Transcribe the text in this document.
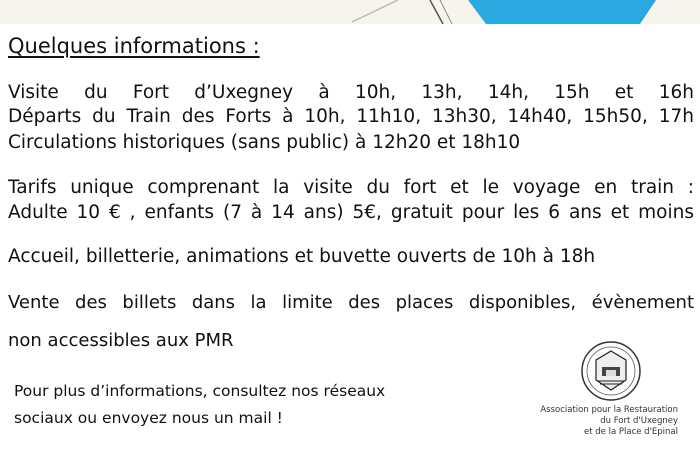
Quelques informations :
Visite du Fort d’Uxegney à 10h, 13h, 14h, 15h et 16h
Départs du Train des Forts à 10h, 11h10, 13h30, 14h40, 15h50, 17h
Circulations historiques (sans public) à 12h20 et 18h10
Tarifs unique comprenant la visite du fort et le voyage en train :
Adulte 10 € , enfants (7 à 14 ans) 5€, gratuit pour les 6 ans et moins
Accueil, billetterie, animations et buvette ouverts de 10h à 18h
Vente des billets dans la limite des places disponibles, évènement
non accessibles aux PMR
Pour plus d’informations, consultez nos réseaux
sociaux ou envoyez nous un mail !	Association pour la Restauration
du Fort d'Uxegney
et de la Place d'Epinal
